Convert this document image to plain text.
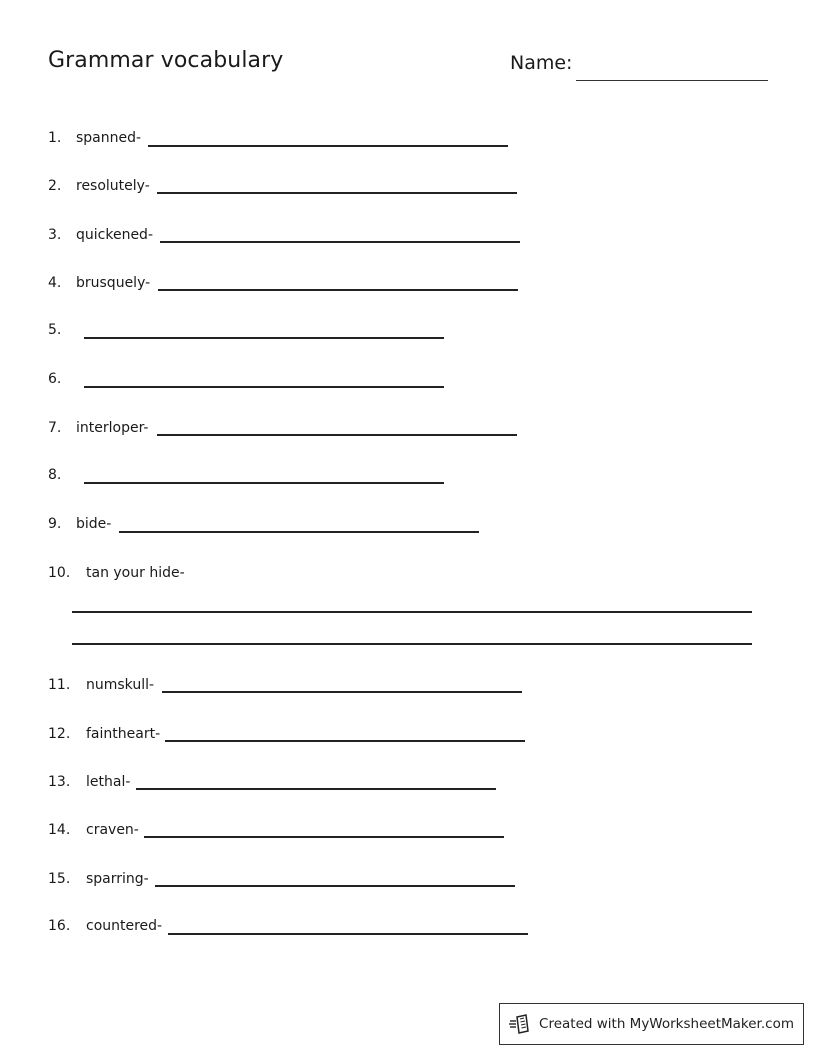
Grammar vocabulary	Name:
1. spanned-
2. resolutely-
3. quickened-
4. brusquely-
5.
6.
7. interloper-
8.
9. bide-
10. tan your hide-
11. numskull-
12. faintheart-
13. lethal-
14. craven-
15. sparring-
16. countered-
Created with MyWorksheetMaker.com
